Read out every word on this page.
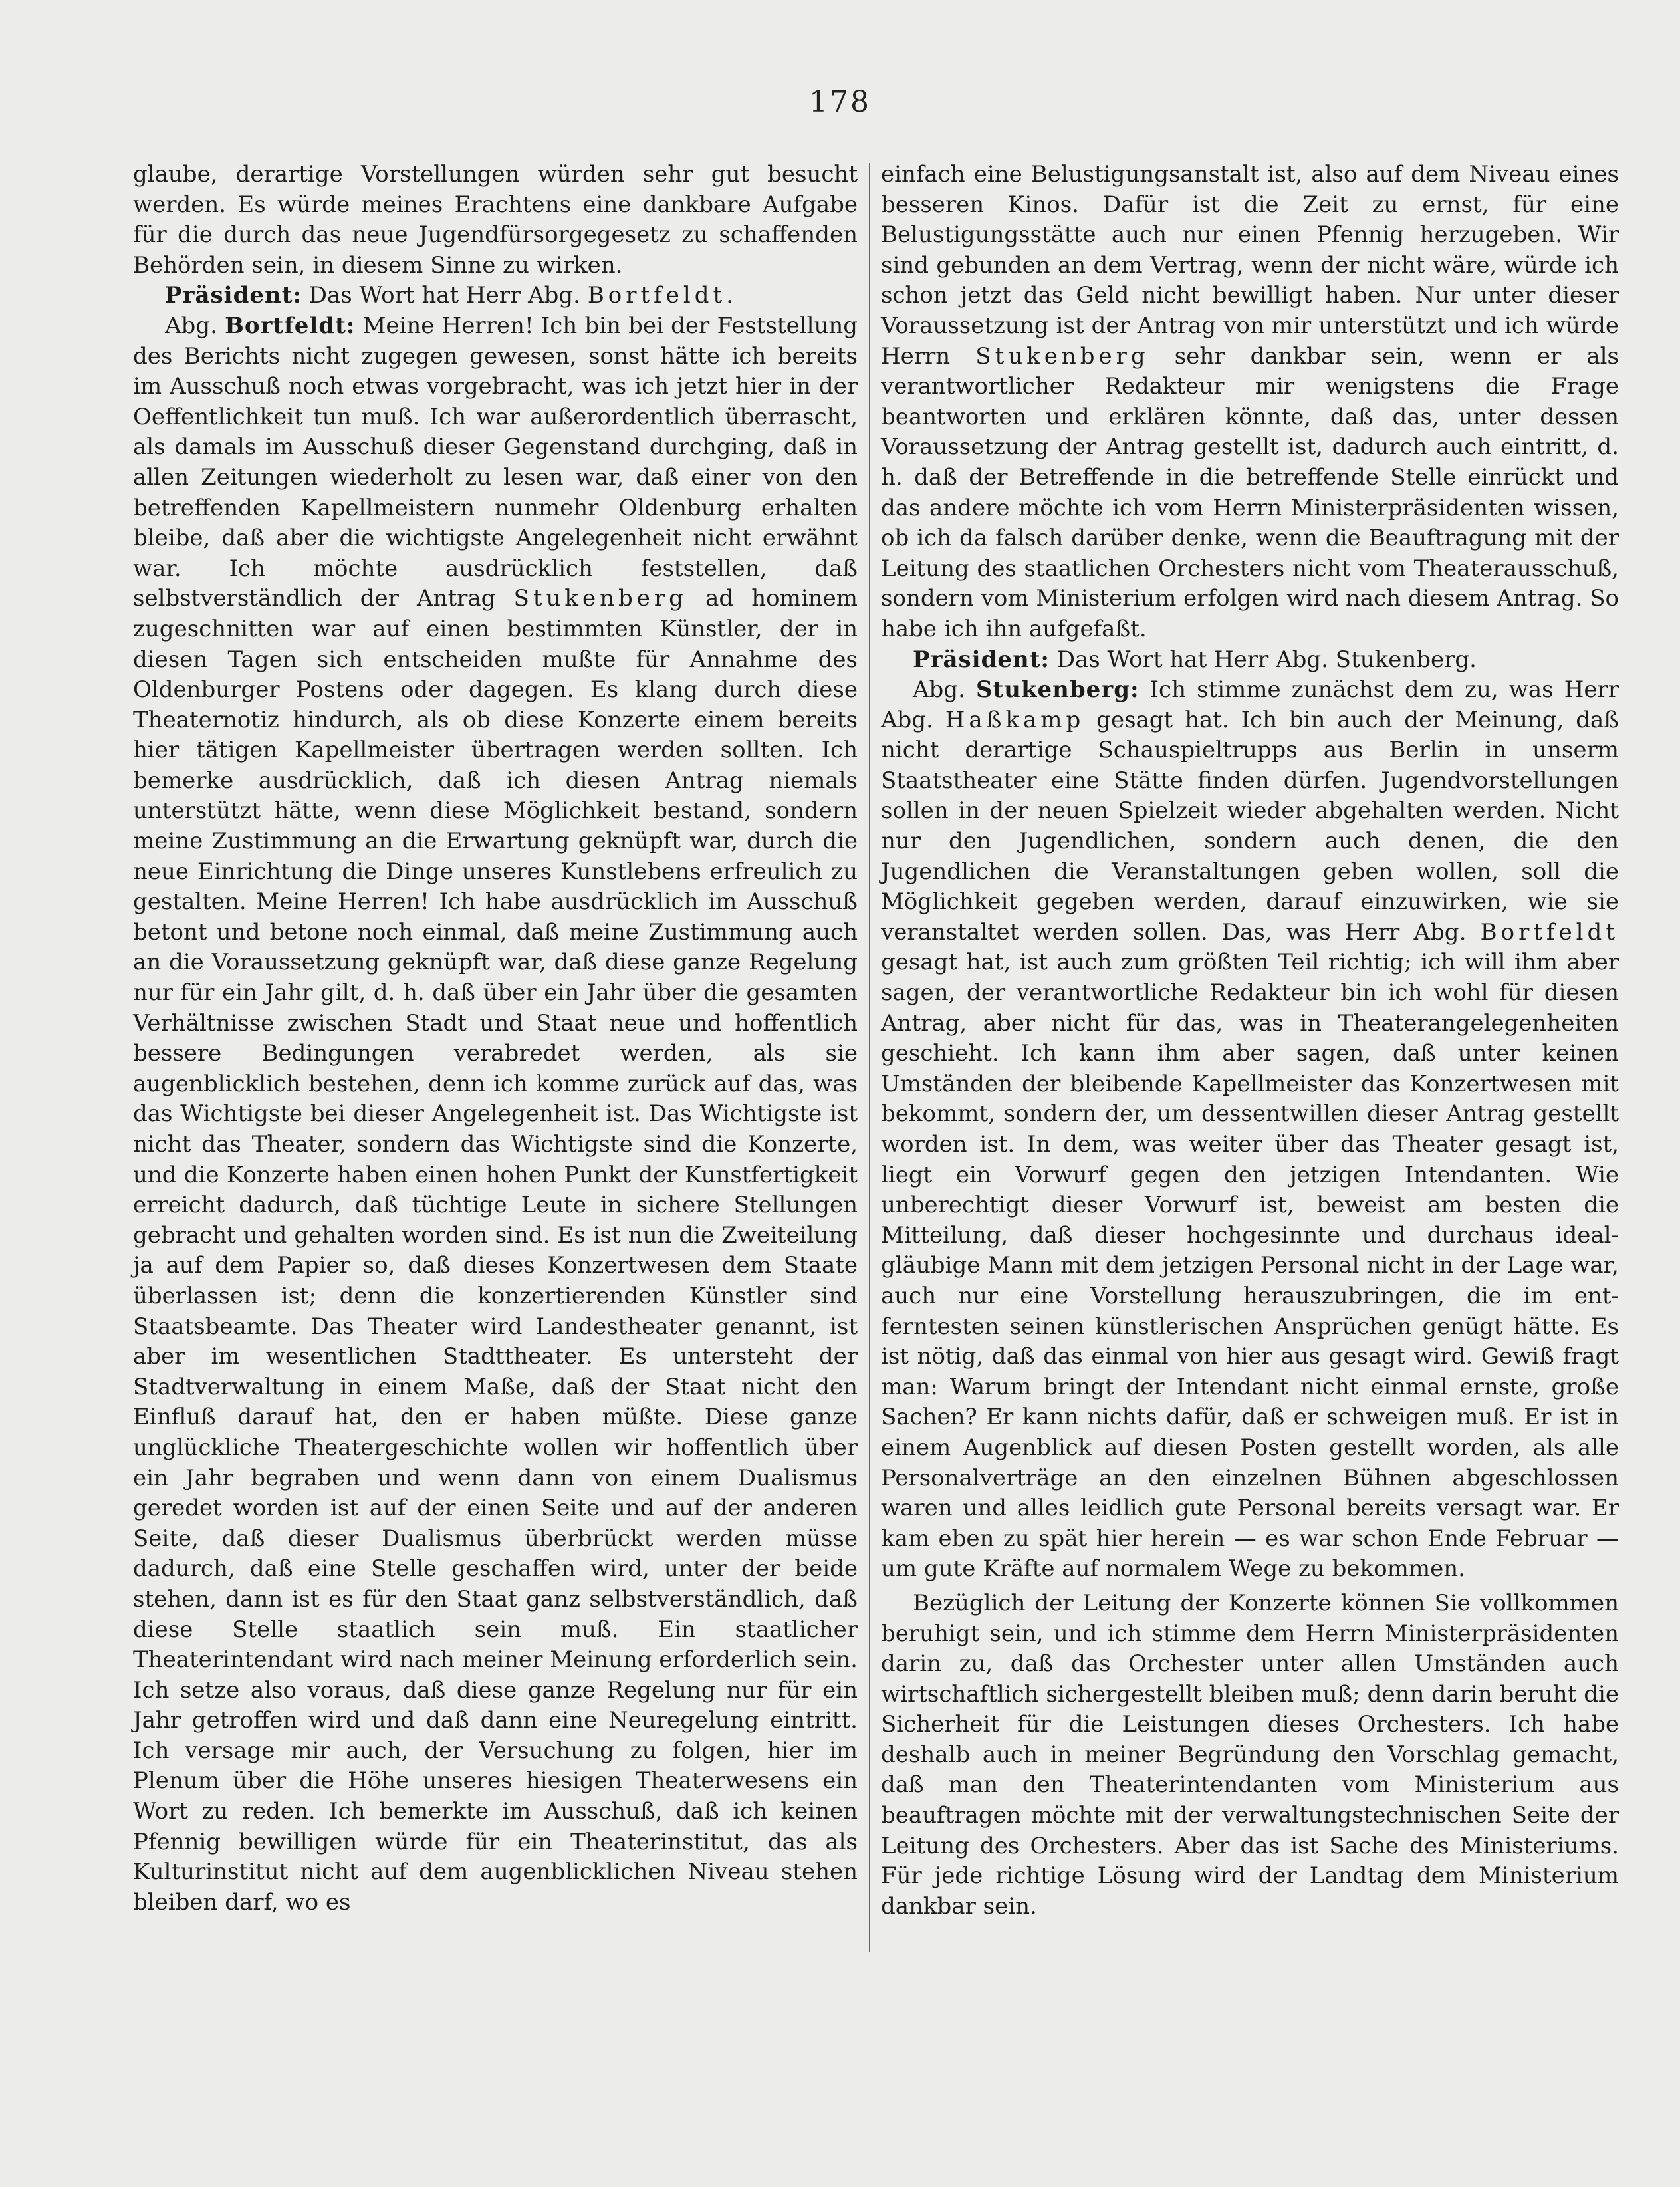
178

glaube, derartige Vorstellungen würden sehr gut besucht werden. Es würde meines Erachtens eine dankbare Aufgabe für die durch das neue Jugendfürsorgegesetz zu schaffenden Behörden sein, in diesem Sinne zu wirken.

Präsident: Das Wort hat Herr Abg. Bortfeldt.

Abg. Bortfeldt: Meine Herren! Ich bin bei der Feststellung des Berichts nicht zugegen gewesen, sonst hätte ich bereits im Ausschuß noch etwas vorgebracht, was ich jetzt hier in der Oeffentlichkeit tun muß. Ich war außerordentlich überrascht, als damals im Ausschuß dieser Gegenstand durchging, daß in allen Zeitungen wiederholt zu lesen war, daß einer von den betreffenden Kapellmeistern nunmehr Oldenburg erhalten bleibe, daß aber die wichtigste Angelegenheit nicht erwähnt war. Ich möchte ausdrücklich feststellen, daß selbstverständlich der Antrag Stukenberg ad hominem zugeschnitten war auf einen bestimmten Künstler, der in diesen Tagen sich entscheiden mußte für Annahme des Oldenburger Postens oder dagegen. Es klang durch diese Theaternotiz hindurch, als ob diese Konzerte einem bereits hier tätigen Kapellmeister übertragen werden sollten. Ich bemerke ausdrücklich, daß ich diesen Antrag niemals unterstützt hätte, wenn diese Möglichkeit bestand, sondern meine Zustimmung an die Erwartung geknüpft war, durch die neue Einrichtung die Dinge unseres Kunstlebens erfreulich zu gestalten. Meine Herren! Ich habe ausdrücklich im Ausschuß betont und betone noch einmal, daß meine Zustimmung auch an die Voraussetzung geknüpft war, daß diese ganze Regelung nur für ein Jahr gilt, d. h. daß über ein Jahr über die gesamten Verhältnisse zwischen Stadt und Staat neue und hoffentlich bessere Bedingungen verabredet werden, als sie augenblicklich bestehen, denn ich komme zurück auf das, was das Wichtigste bei dieser Angelegenheit ist. Das Wichtigste ist nicht das Theater, sondern das Wichtigste sind die Konzerte, und die Konzerte haben einen hohen Punkt der Kunstfertigkeit erreicht dadurch, daß tüchtige Leute in sichere Stellungen gebracht und gehalten worden sind. Es ist nun die Zweiteilung ja auf dem Papier so, daß dieses Konzertwesen dem Staate überlassen ist; denn die konzertierenden Künstler sind Staatsbeamte. Das Theater wird Landestheater genannt, ist aber im wesentlichen Stadttheater. Es untersteht der Stadtverwaltung in einem Maße, daß der Staat nicht den Einfluß darauf hat, den er haben müßte. Diese ganze unglückliche Theatergeschichte wollen wir hoffentlich über ein Jahr begraben und wenn dann von einem Dualismus geredet worden ist auf der einen Seite und auf der anderen Seite, daß dieser Dualismus überbrückt werden müsse dadurch, daß eine Stelle geschaffen wird, unter der beide stehen, dann ist es für den Staat ganz selbstverständlich, daß diese Stelle staatlich sein muß. Ein staatlicher Theaterintendant wird nach meiner Meinung erforderlich sein. Ich setze also voraus, daß diese ganze Regelung nur für ein Jahr getroffen wird und daß dann eine Neuregelung eintritt. Ich versage mir auch, der Versuchung zu folgen, hier im Plenum über die Höhe unseres hiesigen Theaterwesens ein Wort zu reden. Ich bemerkte im Ausschuß, daß ich keinen Pfennig bewilligen würde für ein Theaterinstitut, das als Kulturinstitut nicht auf dem augenblicklichen Niveau stehen bleiben darf, wo es

einfach eine Belustigungsanstalt ist, also auf dem Niveau eines besseren Kinos. Dafür ist die Zeit zu ernst, für eine Belustigungsstätte auch nur einen Pfennig herzugeben. Wir sind gebunden an dem Vertrag, wenn der nicht wäre, würde ich schon jetzt das Geld nicht bewilligt haben. Nur unter dieser Voraussetzung ist der Antrag von mir unterstützt und ich würde Herrn Stukenberg sehr dankbar sein, wenn er als verantwortlicher Redakteur mir wenigstens die Frage beantworten und erklären könnte, daß das, unter dessen Voraussetzung der Antrag gestellt ist, dadurch auch eintritt, d. h. daß der Betreffende in die betreffende Stelle einrückt und das andere möchte ich vom Herrn Ministerpräsidenten wissen, ob ich da falsch darüber denke, wenn die Beauftragung mit der Leitung des staatlichen Orchesters nicht vom Theaterausschuß, sondern vom Ministerium erfolgen wird nach diesem Antrag. So habe ich ihn aufgefaßt.

Präsident: Das Wort hat Herr Abg. Stukenberg.

Abg. Stukenberg: Ich stimme zunächst dem zu, was Herr Abg. Haßkamp gesagt hat. Ich bin auch der Meinung, daß nicht derartige Schauspieltrupps aus Berlin in unserm Staatstheater eine Stätte finden dürfen. Jugendvorstellungen sollen in der neuen Spielzeit wieder abgehalten werden. Nicht nur den Jugendlichen, sondern auch denen, die den Jugendlichen die Veranstaltungen geben wollen, soll die Möglichkeit gegeben werden, darauf einzuwirken, wie sie veranstaltet werden sollen. Das, was Herr Abg. Bortfeldt gesagt hat, ist auch zum größten Teil richtig; ich will ihm aber sagen, der verantwortliche Redakteur bin ich wohl für diesen Antrag, aber nicht für das, was in Theaterangelegenheiten geschieht. Ich kann ihm aber sagen, daß unter keinen Umständen der bleibende Kapellmeister das Konzertwesen mit bekommt, sondern der, um dessentwillen dieser Antrag gestellt worden ist. In dem, was weiter über das Theater gesagt ist, liegt ein Vorwurf gegen den jetzigen Intendanten. Wie unberechtigt dieser Vorwurf ist, beweist am besten die Mitteilung, daß dieser hochgesinnte und durchaus idealgläubige Mann mit dem jetzigen Personal nicht in der Lage war, auch nur eine Vorstellung herauszubringen, die im entferntesten seinen künstlerischen Ansprüchen genügt hätte. Es ist nötig, daß das einmal von hier aus gesagt wird. Gewiß fragt man: Warum bringt der Intendant nicht einmal ernste, große Sachen? Er kann nichts dafür, daß er schweigen muß. Er ist in einem Augenblick auf diesen Posten gestellt worden, als alle Personalverträge an den einzelnen Bühnen abgeschlossen waren und alles leidlich gute Personal bereits versagt war. Er kam eben zu spät hier herein — es war schon Ende Februar — um gute Kräfte auf normalem Wege zu bekommen.

Bezüglich der Leitung der Konzerte können Sie vollkommen beruhigt sein, und ich stimme dem Herrn Ministerpräsidenten darin zu, daß das Orchester unter allen Umständen auch wirtschaftlich sichergestellt bleiben muß; denn darin beruht die Sicherheit für die Leistungen dieses Orchesters. Ich habe deshalb auch in meiner Begründung den Vorschlag gemacht, daß man den Theaterintendanten vom Ministerium aus beauftragen möchte mit der verwaltungstechnischen Seite der Leitung des Orchesters. Aber das ist Sache des Ministeriums. Für jede richtige Lösung wird der Landtag dem Ministerium dankbar sein.
